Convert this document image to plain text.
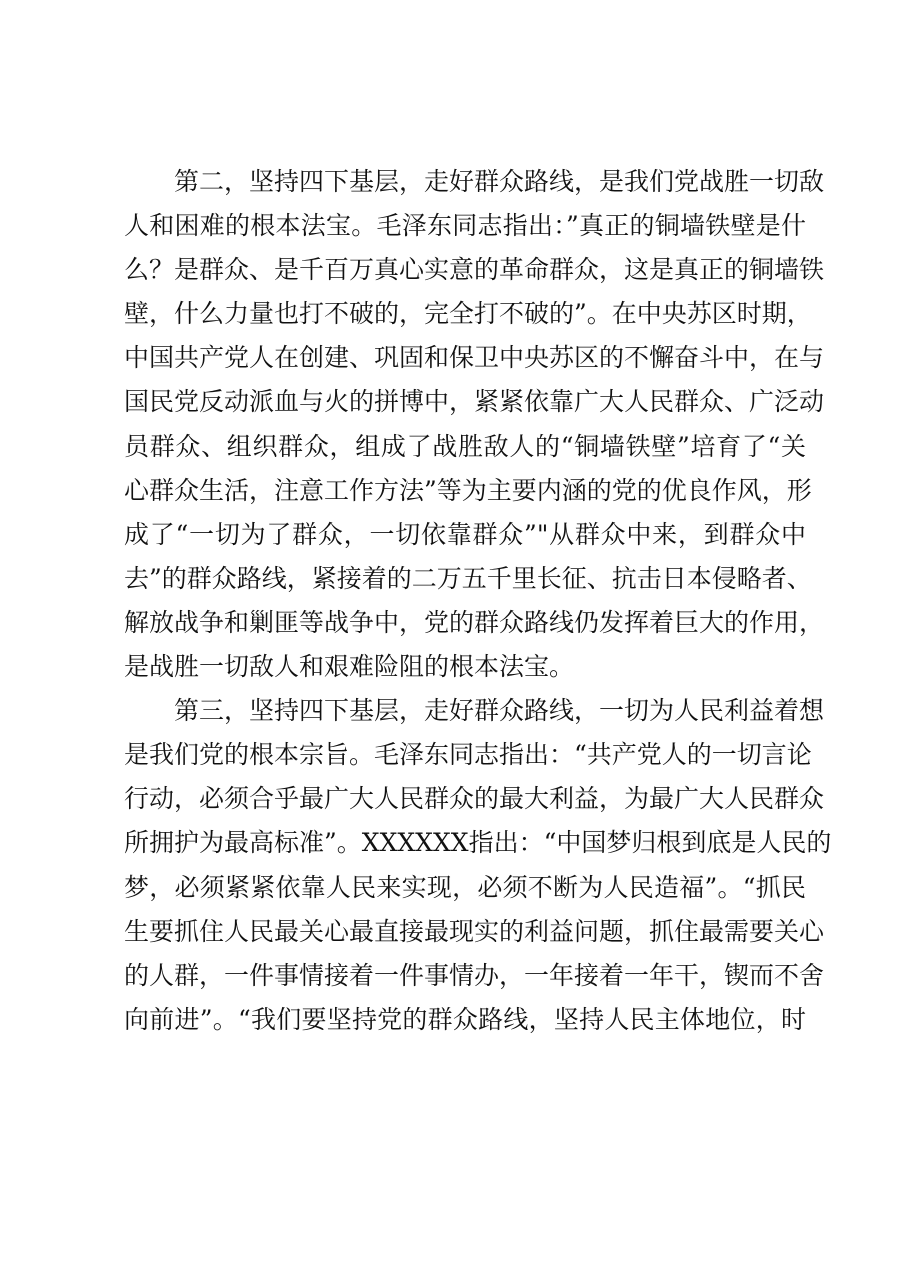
第二，坚持四下基层，走好群众路线，是我们党战胜一切敌
人和困难的根本法宝。毛泽东同志指出：”真正的铜墙铁壁是什
么？是群众、是千百万真心实意的革命群众，这是真正的铜墙铁
壁，什么力量也打不破的，完全打不破的”。在中央苏区时期，
中国共产党人在创建、巩固和保卫中央苏区的不懈奋斗中，在与
国民党反动派血与火的拼博中，紧紧依靠广大人民群众、广泛动
员群众、组织群众，组成了战胜敌人的“铜墙铁壁”培育了“关
心群众生活，注意工作方法”等为主要内涵的党的优良作风，形
成了“一切为了群众，一切依靠群众”"从群众中来，到群众中
去”的群众路线，紧接着的二万五千里长征、抗击日本侵略者、
解放战争和剿匪等战争中，党的群众路线仍发挥着巨大的作用，
是战胜一切敌人和艰难险阻的根本法宝。
第三，坚持四下基层，走好群众路线，一切为人民利益着想
是我们党的根本宗旨。毛泽东同志指出：“共产党人的一切言论
行动，必须合乎最广大人民群众的最大利益，为最广大人民群众
所拥护为最高标准”。XXXXXX指出：“中国梦归根到底是人民的
梦，必须紧紧依靠人民来实现，必须不断为人民造福”。“抓民
生要抓住人民最关心最直接最现实的利益问题，抓住最需要关心
的人群，一件事情接着一件事情办，一年接着一年干，锲而不舍
向前进”。“我们要坚持党的群众路线，坚持人民主体地位，时
